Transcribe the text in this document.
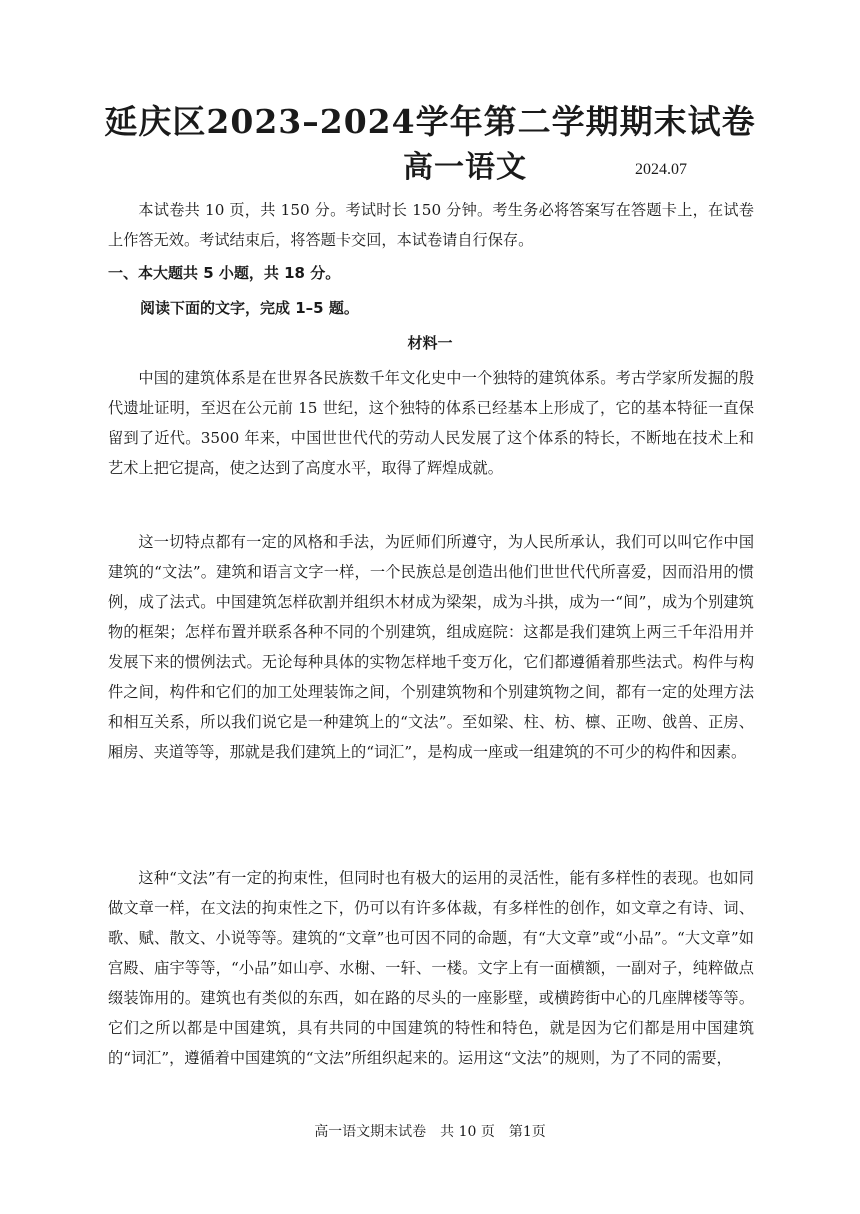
延庆区2023–2024学年第二学期期末试卷
高一语文	2024.07

本试卷共 10 页，共 150 分。考试时长 150 分钟。考生务必将答案写在答题卡上，在试卷上作答无效。考试结束后，将答题卡交回，本试卷请自行保存。

一、本大题共 5 小题，共 18 分。
阅读下面的文字，完成 1–5 题。
材料一

中国的建筑体系是在世界各民族数千年文化史中一个独特的建筑体系。考古学家所发掘的殷代遗址证明，至迟在公元前 15 世纪，这个独特的体系已经基本上形成了，它的基本特征一直保留到了近代。3500 年来，中国世世代代的劳动人民发展了这个体系的特长，不断地在技术上和艺术上把它提高，使之达到了高度水平，取得了辉煌成就。

这一切特点都有一定的风格和手法，为匠师们所遵守，为人民所承认，我们可以叫它作中国建筑的“文法”。建筑和语言文字一样，一个民族总是创造出他们世世代代所喜爱，因而沿用的惯例，成了法式。中国建筑怎样砍割并组织木材成为梁架，成为斗拱，成为一“间”，成为个别建筑物的框架；怎样布置并联系各种不同的个别建筑，组成庭院：这都是我们建筑上两三千年沿用并发展下来的惯例法式。无论每种具体的实物怎样地千变万化，它们都遵循着那些法式。构件与构件之间，构件和它们的加工处理装饰之间，个别建筑物和个别建筑物之间，都有一定的处理方法和相互关系，所以我们说它是一种建筑上的“文法”。至如梁、柱、枋、檩、正吻、戗兽、正房、厢房、夹道等等，那就是我们建筑上的“词汇”，是构成一座或一组建筑的不可少的构件和因素。

这种“文法”有一定的拘束性，但同时也有极大的运用的灵活性，能有多样性的表现。也如同做文章一样，在文法的拘束性之下，仍可以有许多体裁，有多样性的创作，如文章之有诗、词、歌、赋、散文、小说等等。建筑的“文章”也可因不同的命题，有“大文章”或“小品”。“大文章”如宫殿、庙宇等等，“小品”如山亭、水榭、一轩、一楼。文字上有一面横额，一副对子，纯粹做点缀装饰用的。建筑也有类似的东西，如在路的尽头的一座影壁，或横跨街中心的几座牌楼等等。它们之所以都是中国建筑，具有共同的中国建筑的特性和特色，就是因为它们都是用中国建筑的“词汇”，遵循着中国建筑的“文法”所组织起来的。运用这“文法”的规则，为了不同的需要，

高一语文期末试卷　共 10 页　第1页
